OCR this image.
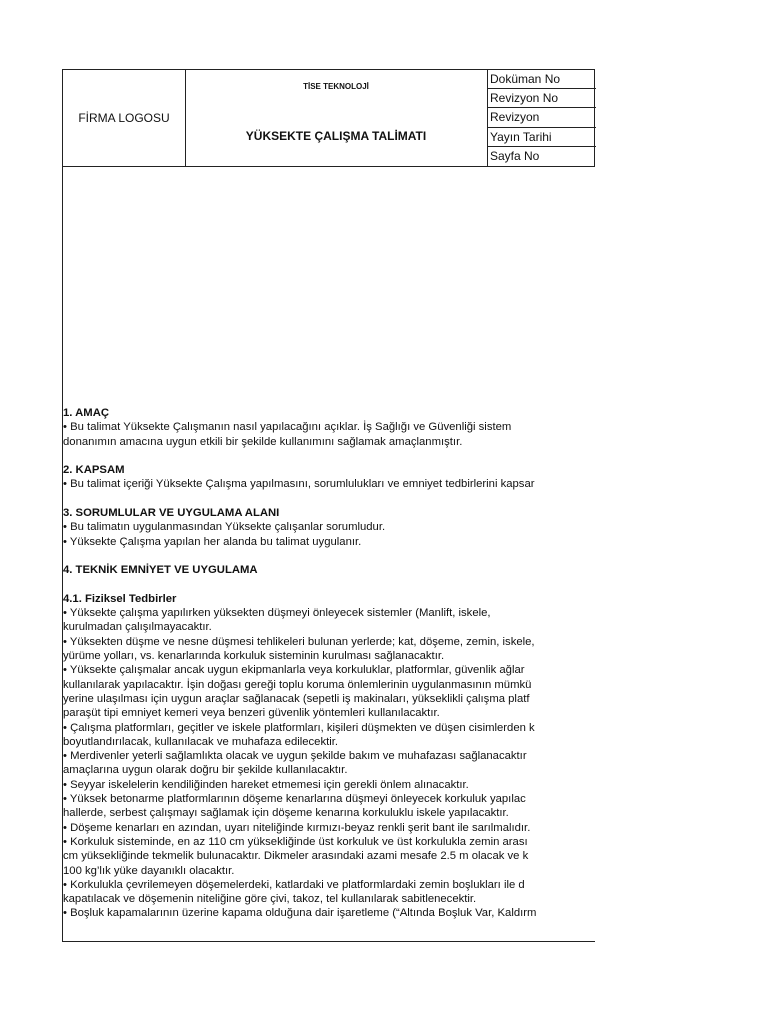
FİRMA LOGOSU
TİSE TEKNOLOJİ
YÜKSEKTE ÇALIŞMA TALİMATI
Doküman No
Revizyon No
Revizyon
Yayın Tarihi
Sayfa No
1. AMAÇ
• Bu talimat Yüksekte Çalışmanın nasıl yapılacağını açıklar. İş Sağlığı ve Güvenliği sistem
donanımın amacına uygun etkili bir şekilde kullanımını sağlamak amaçlanmıştır.
2. KAPSAM
• Bu talimat içeriği Yüksekte Çalışma yapılmasını, sorumlulukları ve emniyet tedbirlerini kapsar
3. SORUMLULAR VE UYGULAMA ALANI
• Bu talimatın uygulanmasından Yüksekte çalışanlar sorumludur.
• Yüksekte Çalışma yapılan her alanda bu talimat uygulanır.
4. TEKNİK EMNİYET VE UYGULAMA
4.1. Fiziksel Tedbirler
• Yüksekte çalışma yapılırken yüksekten düşmeyi önleyecek sistemler (Manlift, iskele,
kurulmadan çalışılmayacaktır.
• Yüksekten düşme ve nesne düşmesi tehlikeleri bulunan yerlerde; kat, döşeme, zemin, iskele,
yürüme yolları, vs. kenarlarında korkuluk sisteminin kurulması sağlanacaktır.
• Yüksekte çalışmalar ancak uygun ekipmanlarla veya korkuluklar, platformlar, güvenlik ağlar
kullanılarak yapılacaktır. İşin doğası gereği toplu koruma önlemlerinin uygulanmasının mümkü
yerine ulaşılması için uygun araçlar sağlanacak (sepetli iş makinaları, yükseklikli çalışma platf
paraşüt tipi emniyet kemeri veya benzeri güvenlik yöntemleri kullanılacaktır.
• Çalışma platformları, geçitler ve iskele platformları, kişileri düşmekten ve düşen cisimlerden k
boyutlandırılacak, kullanılacak ve muhafaza edilecektir.
• Merdivenler yeterli sağlamlıkta olacak ve uygun şekilde bakım ve muhafazası sağlanacaktır
amaçlarına uygun olarak doğru bir şekilde kullanılacaktır.
• Seyyar iskelelerin kendiliğinden hareket etmemesi için gerekli önlem alınacaktır.
• Yüksek betonarme platformlarının döşeme kenarlarına düşmeyi önleyecek korkuluk yapılac
hallerde, serbest çalışmayı sağlamak için döşeme kenarına korkuluklu iskele yapılacaktır.
• Döşeme kenarları en azından, uyarı niteliğinde kırmızı-beyaz renkli şerit bant ile sarılmalıdır.
• Korkuluk sisteminde, en az 110 cm yüksekliğinde üst korkuluk ve üst korkulukla zemin arası
cm yüksekliğinde tekmelik bulunacaktır. Dikmeler arasındaki azami mesafe 2.5 m olacak ve k
100 kg’lık yüke dayanıklı olacaktır.
• Korkulukla çevrilemeyen döşemelerdeki, katlardaki ve platformlardaki zemin boşlukları ile d
kapatılacak ve döşemenin niteliğine göre çivi, takoz, tel kullanılarak sabitlenecektir.
• Boşluk kapamalarının üzerine kapama olduğuna dair işaretleme (“Altında Boşluk Var, Kaldırm
